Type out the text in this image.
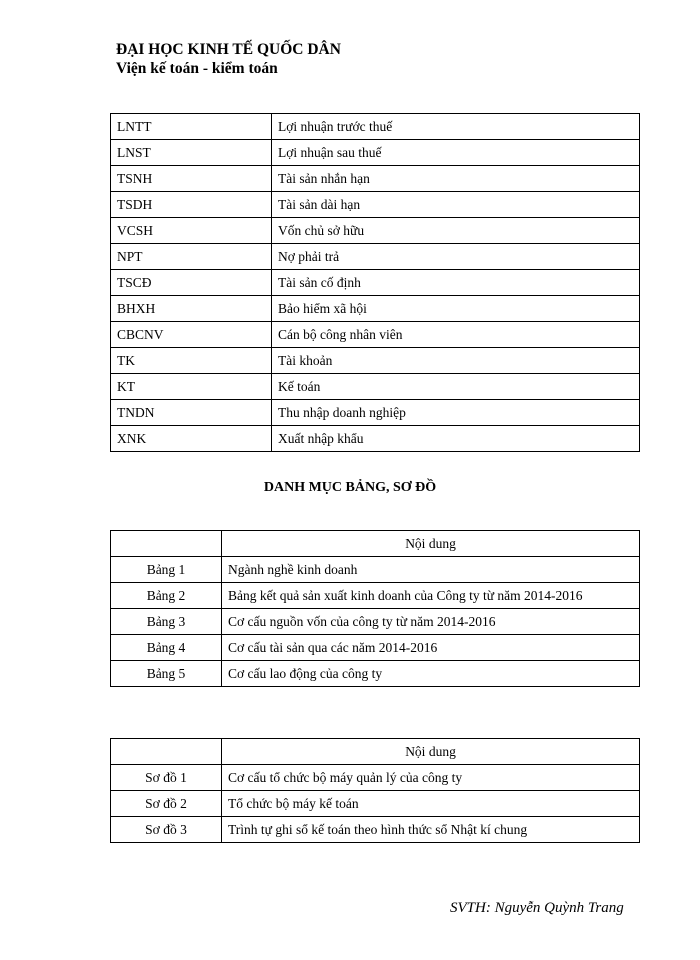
ĐẠI HỌC KINH TẾ QUỐC DÂN
Viện kế toán - kiểm toán
LNTT	Lợi nhuận trước thuế
LNST	Lợi nhuận sau thuế
TSNH	Tài sản nhắn hạn
TSDH	Tài sản dài hạn
VCSH	Vốn chủ sở hữu
NPT	Nợ phải trả
TSCĐ	Tài sản cố định
BHXH	Bảo hiểm xã hội
CBCNV	Cán bộ công nhân viên
TK	Tài khoản
KT	Kế toán
TNDN	Thu nhập doanh nghiệp
XNK	Xuất nhập khẩu
DANH MỤC BẢNG, SƠ ĐỒ
	Nội dung
Bảng 1	Ngành nghề kinh doanh
Bảng 2	Bảng kết quả sản xuất kinh doanh của Công ty từ năm 2014-2016
Bảng 3	Cơ cấu nguồn vốn của công ty từ năm 2014-2016
Bảng 4	Cơ cấu tài sản qua các năm 2014-2016
Bảng 5	Cơ cấu lao động của công ty
	Nội dung
Sơ đồ 1	Cơ cấu tổ chức bộ máy quản lý của công ty
Sơ đồ 2	Tổ chức bộ máy kế toán
Sơ đồ 3	Trình tự ghi sổ kế toán theo hình thức sổ Nhật kí chung
SVTH: Nguyễn Quỳnh Trang
